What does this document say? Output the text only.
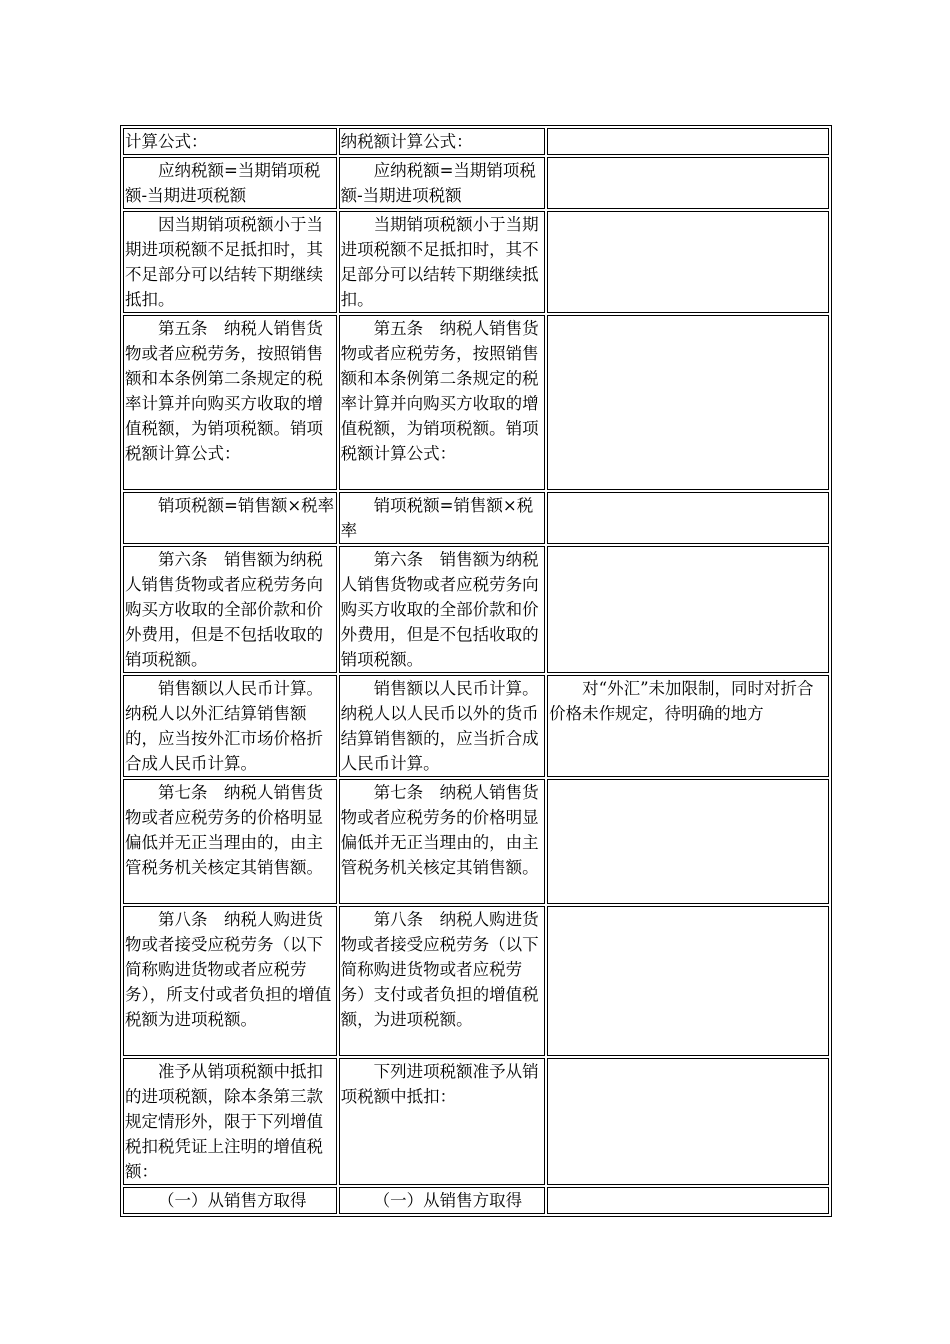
计算公式：	纳税额计算公式：	

应纳税额=当期销项税额-当期进项税额	应纳税额=当期销项税额-当期进项税额	

因当期销项税额小于当期进项税额不足抵扣时，其不足部分可以结转下期继续抵扣。	当期销项税额小于当期进项税额不足抵扣时，其不足部分可以结转下期继续抵扣。	

第五条　纳税人销售货物或者应税劳务，按照销售额和本条例第二条规定的税率计算并向购买方收取的增值税额，为销项税额。销项税额计算公式：	第五条　纳税人销售货物或者应税劳务，按照销售额和本条例第二条规定的税率计算并向购买方收取的增值税额，为销项税额。销项税额计算公式：	

销项税额=销售额×税率	销项税额=销售额×税率	

第六条　销售额为纳税人销售货物或者应税劳务向购买方收取的全部价款和价外费用，但是不包括收取的销项税额。	第六条　销售额为纳税人销售货物或者应税劳务向购买方收取的全部价款和价外费用，但是不包括收取的销项税额。	

销售额以人民币计算。纳税人以外汇结算销售额的，应当按外汇市场价格折合成人民币计算。	销售额以人民币计算。纳税人以人民币以外的货币结算销售额的，应当折合成人民币计算。	对“外汇”未加限制，同时对折合价格未作规定，待明确的地方

第七条　纳税人销售货物或者应税劳务的价格明显偏低并无正当理由的，由主管税务机关核定其销售额。	第七条　纳税人销售货物或者应税劳务的价格明显偏低并无正当理由的，由主管税务机关核定其销售额。	

第八条　纳税人购进货物或者接受应税劳务（以下简称购进货物或者应税劳务），所支付或者负担的增值税额为进项税额。	第八条　纳税人购进货物或者接受应税劳务（以下简称购进货物或者应税劳务）支付或者负担的增值税额，为进项税额。	

准予从销项税额中抵扣的进项税额，除本条第三款规定情形外，限于下列增值税扣税凭证上注明的增值税额：	下列进项税额准予从销项税额中抵扣：	

（一）从销售方取得	（一）从销售方取得	
